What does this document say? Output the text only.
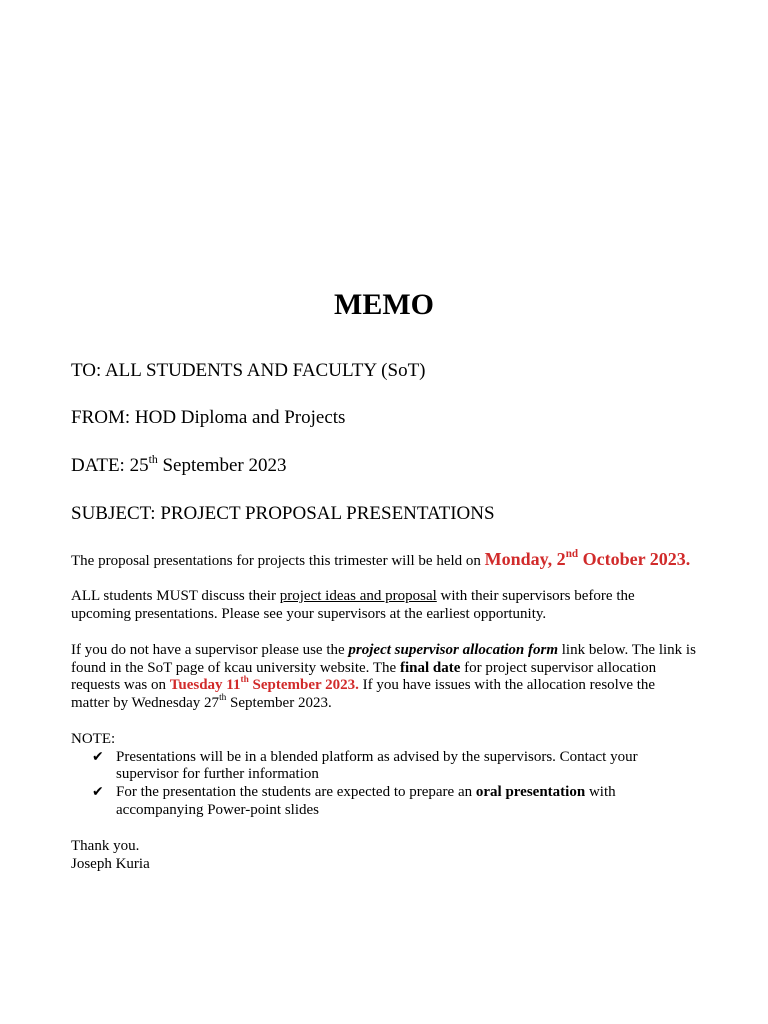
MEMO
TO: ALL STUDENTS AND FACULTY (SoT)
FROM: HOD Diploma and Projects
DATE: 25th September 2023
SUBJECT: PROJECT PROPOSAL PRESENTATIONS
The proposal presentations for projects this trimester will be held on Monday, 2nd October 2023.
ALL students MUST discuss their project ideas and proposal with their supervisors before the upcoming presentations. Please see your supervisors at the earliest opportunity.
If you do not have a supervisor please use the project supervisor allocation form link below. The link is found in the SoT page of kcau university website. The final date for project supervisor allocation requests was on Tuesday 11th September 2023. If you have issues with the allocation resolve the matter by Wednesday 27th September 2023.
NOTE:
✔ Presentations will be in a blended platform as advised by the supervisors. Contact your supervisor for further information
✔ For the presentation the students are expected to prepare an oral presentation with accompanying Power-point slides
Thank you.
Joseph Kuria
